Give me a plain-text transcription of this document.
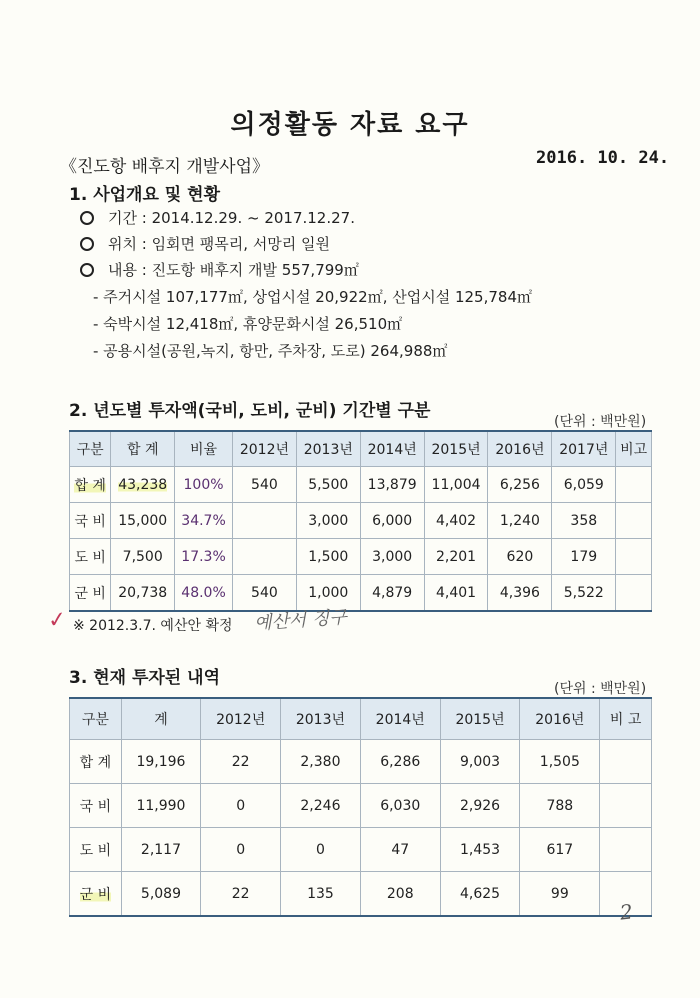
의정활동 자료 요구
《진도항 배후지 개발사업》	2016. 10. 24.
1. 사업개요 및 현황
기간 : 2014.12.29. ~ 2017.12.27.
위치 : 임회면 팽목리, 서망리 일원
내용 : 진도항 배후지 개발 557,799㎡
- 주거시설 107,177㎡, 상업시설 20,922㎡, 산업시설 125,784㎡
- 숙박시설 12,418㎡, 휴양문화시설 26,510㎡
- 공용시설(공원,녹지, 항만, 주차장, 도로) 264,988㎡
2. 년도별 투자액(국비, 도비, 군비) 기간별 구분
(단위 : 백만원)
구분	합 계	비율	2012년	2013년	2014년	2015년	2016년	2017년	비고
합 계	43,238	100%	540	5,500	13,879	11,004	6,256	6,059	
국 비	15,000	34.7%		3,000	6,000	4,402	1,240	358	
도 비	7,500	17.3%		1,500	3,000	2,201	620	179	
군 비	20,738	48.0%	540	1,000	4,879	4,401	4,396	5,522	
✓ ※ 2012.3.7. 예산안 확정 예산서 징구
3. 현재 투자된 내역
(단위 : 백만원)
구분	계	2012년	2013년	2014년	2015년	2016년	비 고
합 계	19,196	22	2,380	6,286	9,003	1,505	
국 비	11,990	0	2,246	6,030	2,926	788	
도 비	2,117	0	0	47	1,453	617	
군 비	5,089	22	135	208	4,625	99	
2
